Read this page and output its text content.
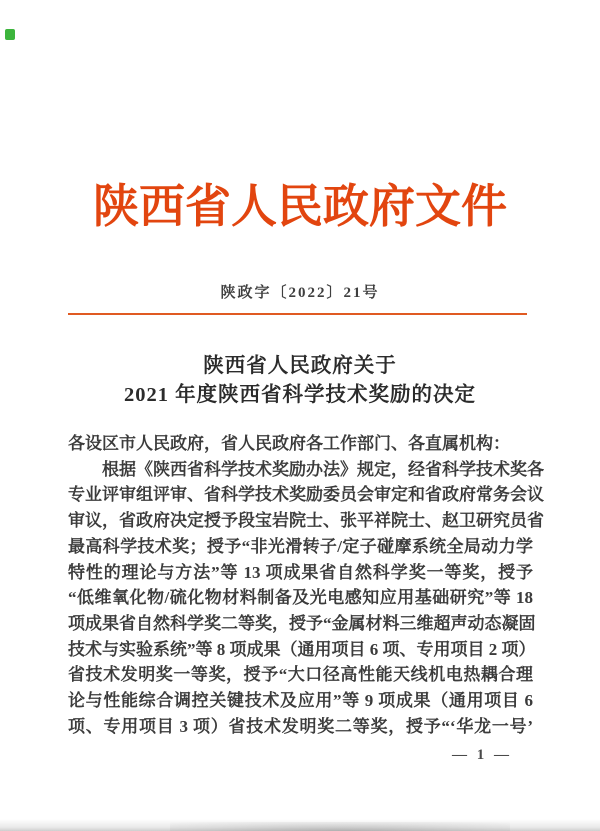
陕西省人民政府文件
陕政字〔2022〕21号
陕西省人民政府关于
2021 年度陕西省科学技术奖励的决定
各设区市人民政府，省人民政府各工作部门、各直属机构：
　　根据《陕西省科学技术奖励办法》规定，经省科学技术奖各
专业评审组评审、省科学技术奖励委员会审定和省政府常务会议
审议，省政府决定授予段宝岩院士、张平祥院士、赵卫研究员省
最高科学技术奖；授予“非光滑转子/定子碰摩系统全局动力学
特性的理论与方法”等 13 项成果省自然科学奖一等奖，授予
“低维氧化物/硫化物材料制备及光电感知应用基础研究”等 18
项成果省自然科学奖二等奖，授予“金属材料三维超声动态凝固
技术与实验系统”等 8 项成果（通用项目 6 项、专用项目 2 项）
省技术发明奖一等奖，授予“大口径高性能天线机电热耦合理
论与性能综合调控关键技术及应用”等 9 项成果（通用项目 6
项、专用项目 3 项）省技术发明奖二等奖，授予“‘华龙一号’
— 1 —
